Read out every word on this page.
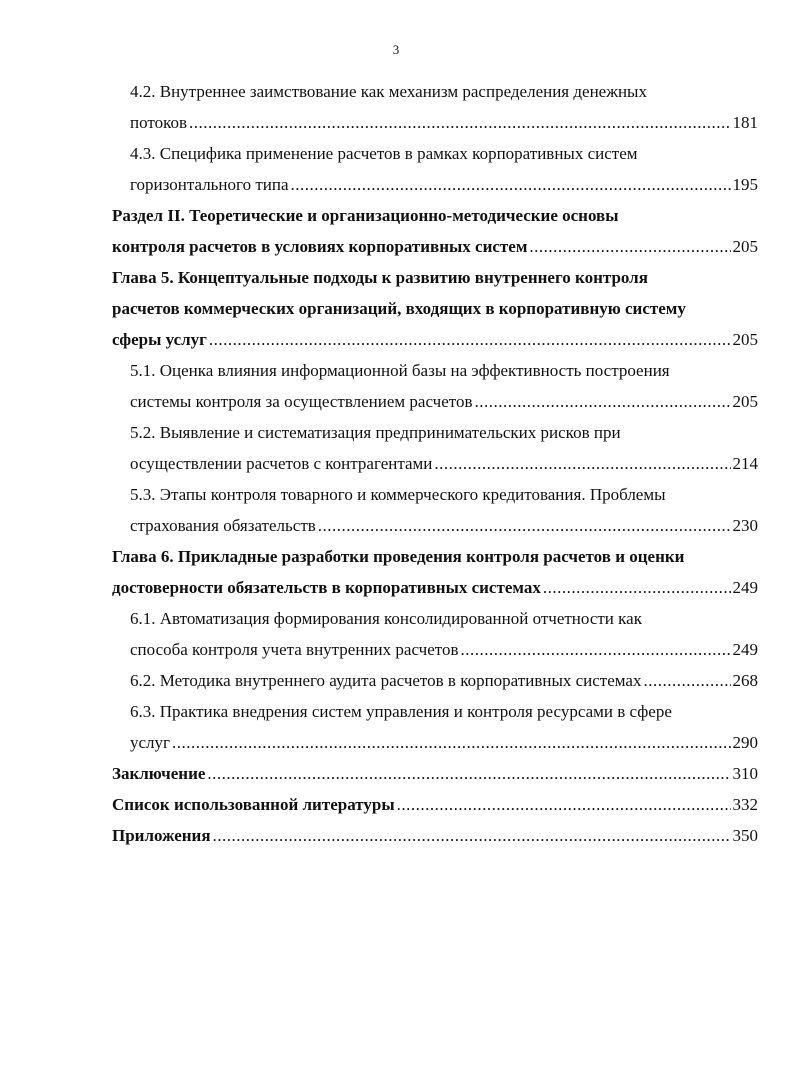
3
4.2. Внутреннее заимствование как механизм распределения денежных
потоков .....	181
4.3. Специфика применение расчетов в рамках корпоративных систем
горизонтального типа .....	195
Раздел II. Теоретические и организационно-методические основы
контроля расчетов в условиях корпоративных систем .....	205
Глава 5. Концептуальные подходы к развитию внутреннего контроля
расчетов коммерческих организаций, входящих в корпоративную систему
сферы услуг .....	205
5.1. Оценка влияния информационной базы на эффективность построения
системы контроля за осуществлением расчетов .....	205
5.2. Выявление и систематизация предпринимательских рисков при
осуществлении расчетов с контрагентами .....	214
5.3. Этапы контроля товарного и коммерческого кредитования. Проблемы
страхования обязательств .....	230
Глава 6. Прикладные разработки проведения контроля расчетов и оценки
достоверности обязательств в корпоративных системах .....	249
6.1. Автоматизация формирования консолидированной отчетности как
способа контроля учета внутренних расчетов .....	249
6.2. Методика внутреннего аудита расчетов в корпоративных системах .....	268
6.3. Практика внедрения систем управления и контроля ресурсами в сфере
услуг .....	290
Заключение .....	310
Список использованной литературы .....	332
Приложения .....	350
